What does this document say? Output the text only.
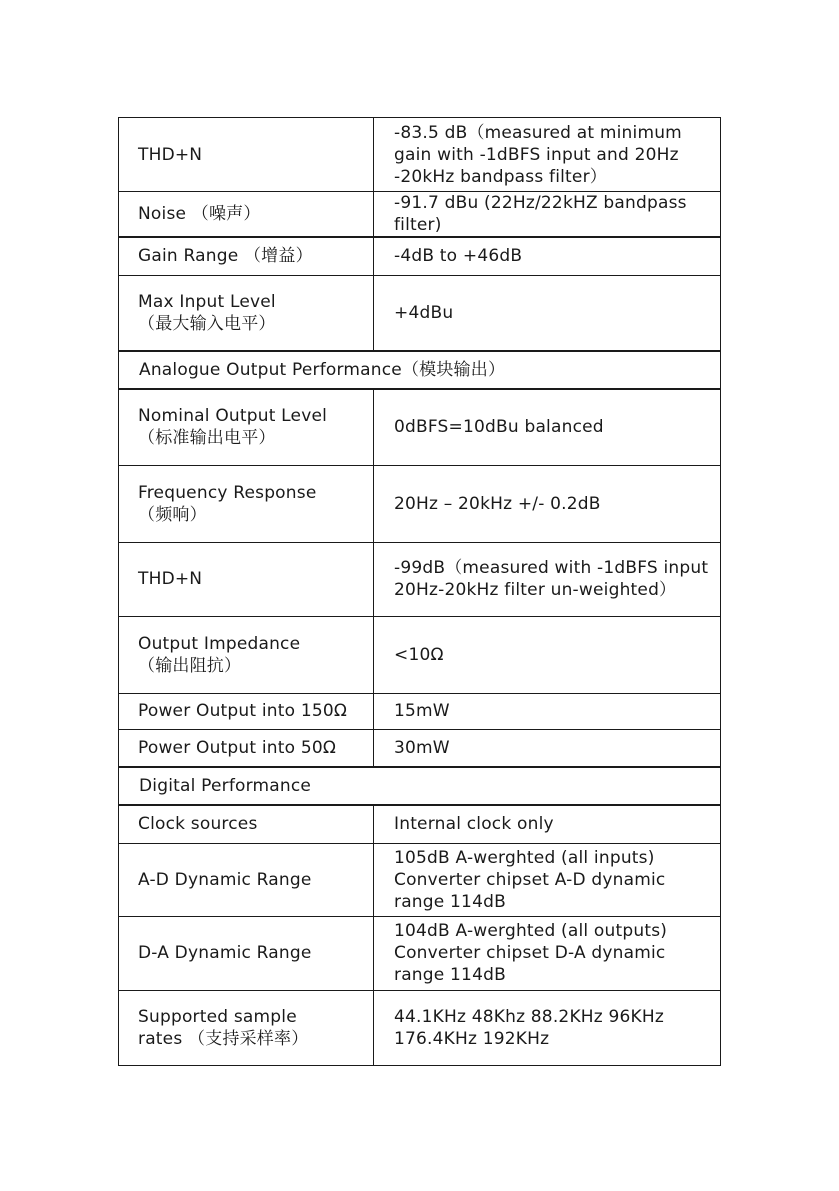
THD+N	-83.5 dB（measured at minimum
gain with -1dBFS input and 20Hz
-20kHz bandpass filter）
Noise （噪声）	-91.7 dBu (22Hz/22kHZ bandpass filter)
Gain Range （增益）	-4dB to +46dB
Max Input Level
（最大输入电平）	+4dBu
Analogue Output Performance（模块输出）	
Nominal Output Level
（标准输出电平）	0dBFS=10dBu balanced
Frequency Response
（频响）	20Hz – 20kHz +/- 0.2dB
THD+N	-99dB（measured with -1dBFS input
20Hz-20kHz filter un-weighted）
Output Impedance
（输出阻抗）	<10Ω
Power Output into 150Ω	15mW
Power Output into 50Ω	30mW
Digital Performance	
Clock sources	Internal clock only
A-D Dynamic Range	105dB A-werghted (all inputs)
Converter chipset A-D dynamic
range 114dB
D-A Dynamic Range	104dB A-werghted (all outputs)
Converter chipset D-A dynamic
range 114dB
Supported sample
rates （支持采样率）	44.1KHz 48Khz 88.2KHz 96KHz
176.4KHz 192KHz
